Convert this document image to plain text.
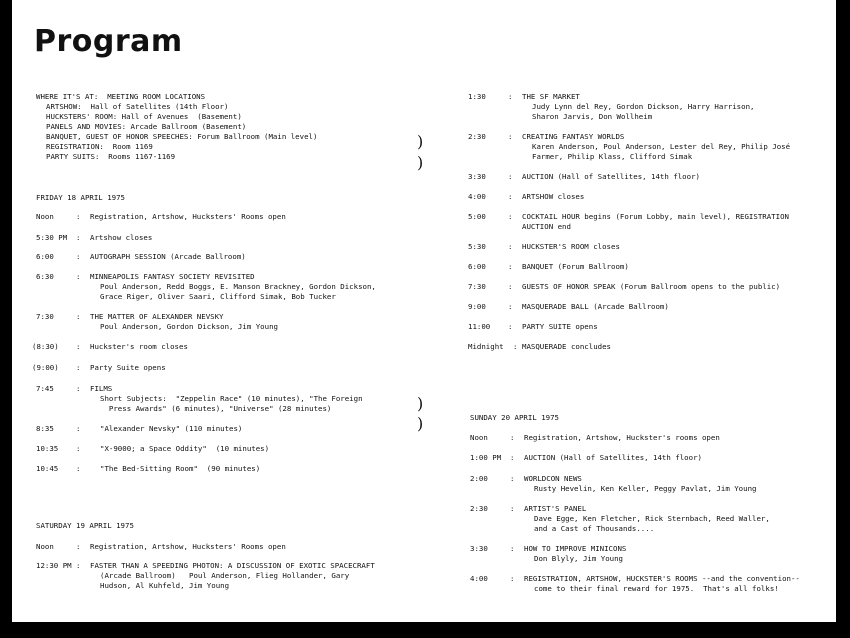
Program
WHERE IT'S AT:  MEETING ROOM LOCATIONS
ARTSHOW:  Hall of Satellites (14th Floor)
HUCKSTERS' ROOM: Hall of Avenues  (Basement)
PANELS AND MOVIES: Arcade Ballroom (Basement)
BANQUET, GUEST OF HONOR SPEECHES: Forum Ballroom (Main level)
REGISTRATION:  Room 1169
PARTY SUITS:  Rooms 1167-1169
FRIDAY 18 APRIL 1975
Noon	: Registration, Artshow, Hucksters' Rooms open
5:30 PM : Artshow closes
6:00	: AUTOGRAPH SESSION (Arcade Ballroom)
6:30	: MINNEAPOLIS FANTASY SOCIETY REVISITED
Poul Anderson, Redd Boggs, E. Manson Brackney, Gordon Dickson,
Grace Riger, Oliver Saari, Clifford Simak, Bob Tucker
7:30	: THE MATTER OF ALEXANDER NEVSKY
Poul Anderson, Gordon Dickson, Jim Young
(8:30) : Huckster's room closes
(9:00) : Party Suite opens
7:45	: FILMS
Short Subjects:  "Zeppelin Race" (10 minutes), "The Foreign
Press Awards" (6 minutes), "Universe" (28 minutes)
8:35	:	"Alexander Nevsky" (110 minutes)
10:35 :	"X-9000; a Space Oddity"  (10 minutes)
10:45 :	"The Bed-Sitting Room"  (90 minutes)
SATURDAY 19 APRIL 1975
Noon	: Registration, Artshow, Hucksters' Rooms open
12:30 PM : FASTER THAN A SPEEDING PHOTON: A DISCUSSION OF EXOTIC SPACECRAFT
(Arcade Ballroom)   Poul Anderson, Flieg Hollander, Gary
Hudson, Al Kuhfeld, Jim Young
)
)
)
)
1:30	: THE SF MARKET
Judy Lynn del Rey, Gordon Dickson, Harry Harrison,
Sharon Jarvis, Don Wollheim
2:30	: CREATING FANTASY WORLDS
Karen Anderson, Poul Anderson, Lester del Rey, Philip José
Farmer, Philip Klass, Clifford Simak
3:30	: AUCTION (Hall of Satellites, 14th floor)
4:00	: ARTSHOW closes
5:00	: COCKTAIL HOUR begins (Forum Lobby, main level), REGISTRATION
AUCTION end
5:30	: HUCKSTER'S ROOM closes
6:00	: BANQUET (Forum Ballroom)
7:30	: GUESTS OF HONOR SPEAK (Forum Ballroom opens to the public)
9:00	: MASQUERADE BALL (Arcade Ballroom)
11:00 : PARTY SUITE opens
Midnight : MASQUERADE concludes
SUNDAY 20 APRIL 1975
Noon	: Registration, Artshow, Huckster's rooms open
1:00 PM : AUCTION (Hall of Satellites, 14th floor)
2:00	: WORLDCON NEWS
Rusty Hevelin, Ken Keller, Peggy Pavlat, Jim Young
2:30	: ARTIST'S PANEL
Dave Egge, Ken Fletcher, Rick Sternbach, Reed Waller,
and a Cast of Thousands....
3:30	: HOW TO IMPROVE MINICONS
Don Blyly, Jim Young
4:00	: REGISTRATION, ARTSHOW, HUCKSTER'S ROOMS --and the convention--
come to their final reward for 1975.  That's all folks!
